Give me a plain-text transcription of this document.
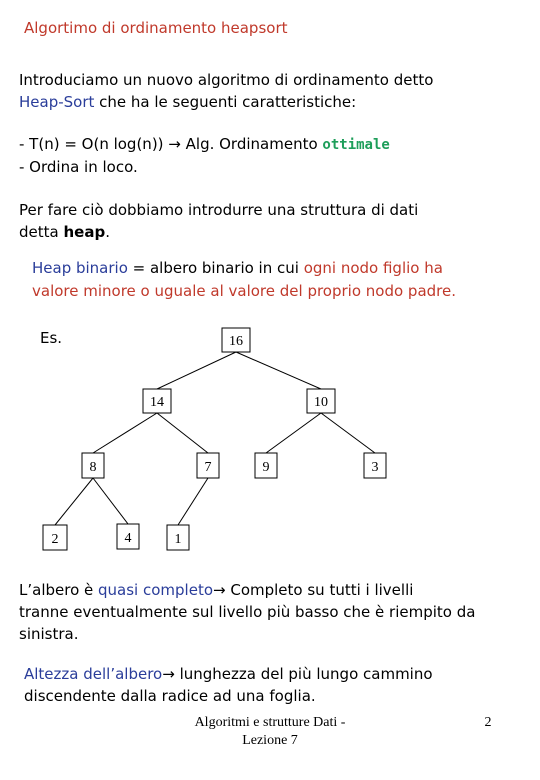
Algortimo di ordinamento heapsort
Introduciamo un nuovo algoritmo di ordinamento detto
Heap-Sort che ha le seguenti caratteristiche:
- T(n) = O(n log(n)) → Alg. Ordinamento ottimale
- Ordina in loco.
Per fare ciò dobbiamo introdurre una struttura di dati
detta heap.
Heap binario = albero binario in cui ogni nodo figlio ha
valore minore o uguale al valore del proprio nodo padre.
Es.	16
14	10
8	7	9	3
2	4	1
L’albero è quasi completo→ Completo su tutti i livelli
tranne eventualmente sul livello più basso che è riempito da
sinistra.
Altezza dell’albero→ lunghezza del più lungo cammino
discendente dalla radice ad una foglia.
Algoritmi e strutture Dati -
Lezione 7
2
